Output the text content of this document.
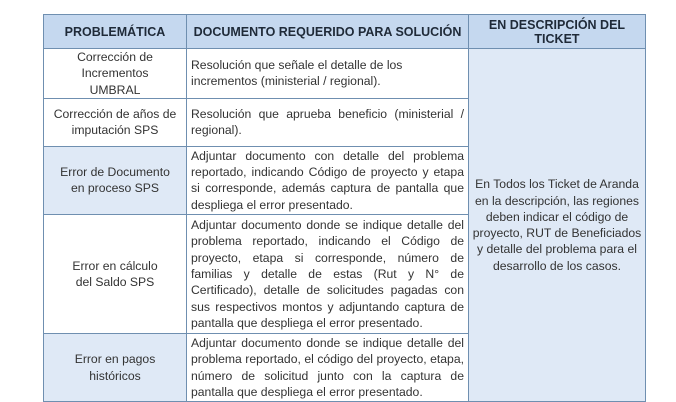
PROBLEMÁTICA	DOCUMENTO REQUERIDO PARA SOLUCIÓN	EN DESCRIPCIÓN DEL TICKET

Corrección de Incrementos UMBRAL	Resolución que señale el detalle de los incrementos (ministerial / regional).	En Todos los Ticket de Aranda en la descripción, las regiones deben indicar el código de proyecto, RUT de Beneficiados y detalle del problema para el desarrollo de los casos.

Corrección de años de imputación SPS	Resolución que aprueba beneficio (ministerial / regional).	

Error de Documento en proceso SPS	Adjuntar documento con detalle del problema reportado, indicando Código de proyecto y etapa si corresponde, además captura de pantalla que despliega el error presentado.	

Error en cálculo del Saldo SPS	Adjuntar documento donde se indique detalle del problema reportado, indicando el Código de proyecto, etapa si corresponde, número de familias y detalle de estas (Rut y N° de Certificado), detalle de solicitudes pagadas con sus respectivos montos y adjuntando captura de pantalla que despliega el error presentado.	

Error en pagos históricos	Adjuntar documento donde se indique detalle del problema reportado, el código del proyecto, etapa, número de solicitud junto con la captura de pantalla que despliega el error presentado.	
